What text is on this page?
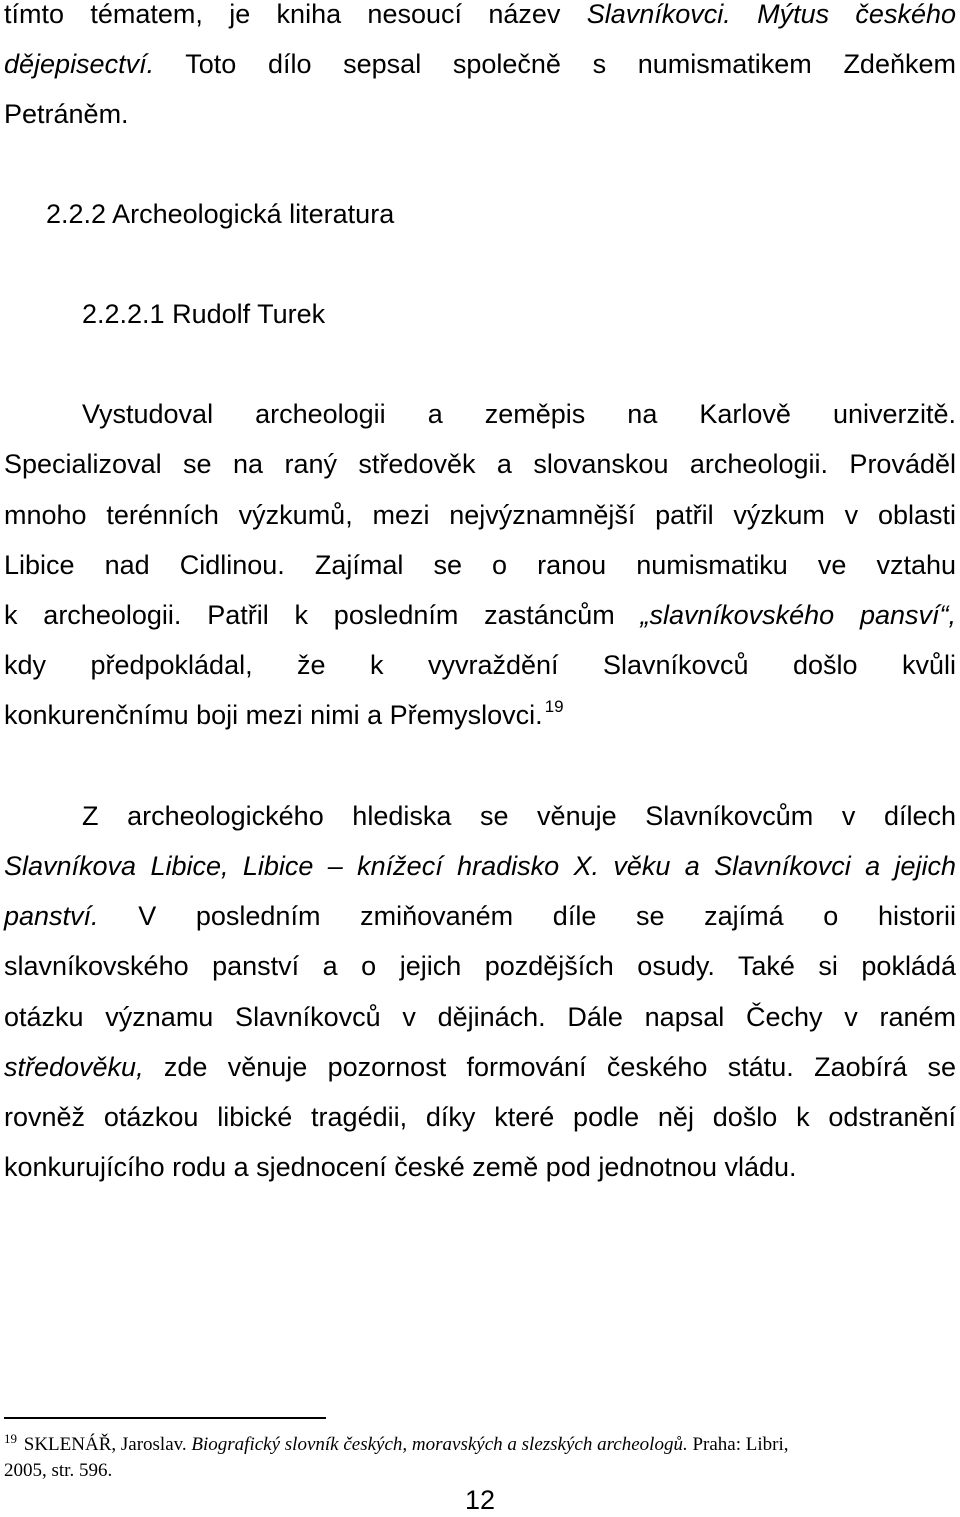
tímto tématem, je kniha nesoucí název Slavníkovci. Mýtus českého
dějepisectví. Toto dílo sepsal společně s numismatikem Zdeňkem
Petráněm.
2.2.2 Archeologická literatura
2.2.2.1 Rudolf Turek
Vystudoval archeologii a zeměpis na Karlově univerzitě.
Specializoval se na raný středověk a slovanskou archeologii. Prováděl
mnoho terénních výzkumů, mezi nejvýznamnější patřil výzkum v oblasti
Libice nad Cidlinou. Zajímal se o ranou numismatiku ve vztahu
k archeologii. Patřil k posledním zastáncům „slavníkovského pansví“,
kdy předpokládal, že k vyvraždění Slavníkovců došlo kvůli
konkurenčnímu boji mezi nimi a Přemyslovci. $^{19}$
Z archeologického hlediska se věnuje Slavníkovcům v dílech
Slavníkova Libice, Libice – knížecí hradisko X. věku a Slavníkovci a jejich
panství. V posledním zmiňovaném díle se zajímá o historii
slavníkovského panství a o jejich pozdějších osudy. Také si pokládá
otázku významu Slavníkovců v dějinách. Dále napsal Čechy v raném
středověku, zde věnuje pozornost formování českého státu. Zaobírá se
rovněž otázkou libické tragédii, díky které podle něj došlo k odstranění
konkurujícího rodu a sjednocení české země pod jednotnou vládu.
$^{19}$ SKLENÁŘ, Jaroslav. Biografický slovník českých, moravských a slezských archeologů. Praha: Libri,
2005, str. 596.
12
